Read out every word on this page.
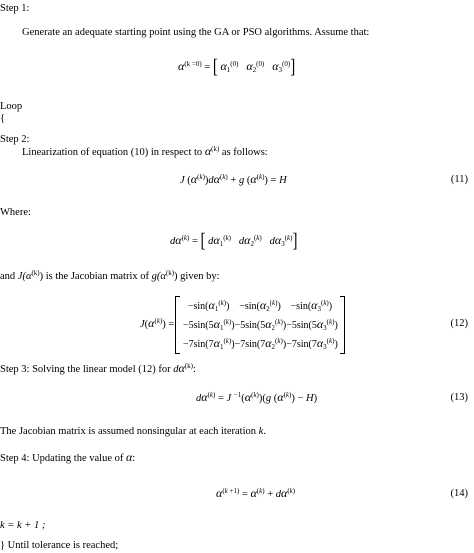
Step 1:
Generate an adequate starting point using the GA or PSO algorithms. Assume that:
$\alpha^{(k =0)}$ = [ $\alpha_1^{(0)}$ $\alpha_2^{(0)}$ $\alpha_3^{(0)}$]
Loop
{
Step 2:
Linearization of equation (10) in respect to $\alpha^{(k)}$ as follows:
J $(\alpha^{(k)})d\alpha^{(k)} + g$ $(\alpha^{(k)}) = H$	(11)
Where:
$d\alpha^{(k)}$ = [ $d\alpha_1^{(k)}$ $d\alpha_2^{(k)}$ $d\alpha_3^{(k)}$]
and $J(\alpha^{(k)})$ is the Jacobian matrix of $g(\alpha^{(k)})$ given by:
$J(\alpha^{(k)})$ =
$-\sin(\alpha_1^{(k)}) -\sin(\alpha_2^{(k)}) -\sin(\alpha_3^{(k)})$
$-5\sin(5\alpha_1^{(k)}) -5\sin(5\alpha_2^{(k)}) -5\sin(5\alpha_3^{(k)})$
$-7\sin(7\alpha_1^{(k)}) -7\sin(7\alpha_2^{(k)}) -7\sin(7\alpha_3^{(k)})$
(12)
Step 3: Solving the linear model (12) for $d\alpha^{(k)}$:
$d\alpha^{(k)} = J$ $^{-1}(\alpha^{(k)})(g$ $(\alpha^{(k)}) - H$)	(13)
The Jacobian matrix is assumed nonsingular at each iteration k.
Step 4: Updating the value of α:
$\alpha^{(k +1)} = \alpha^{(k)} + d\alpha^{(k)}$	(14)
k = k + 1 ;
} Until tolerance is reached;
